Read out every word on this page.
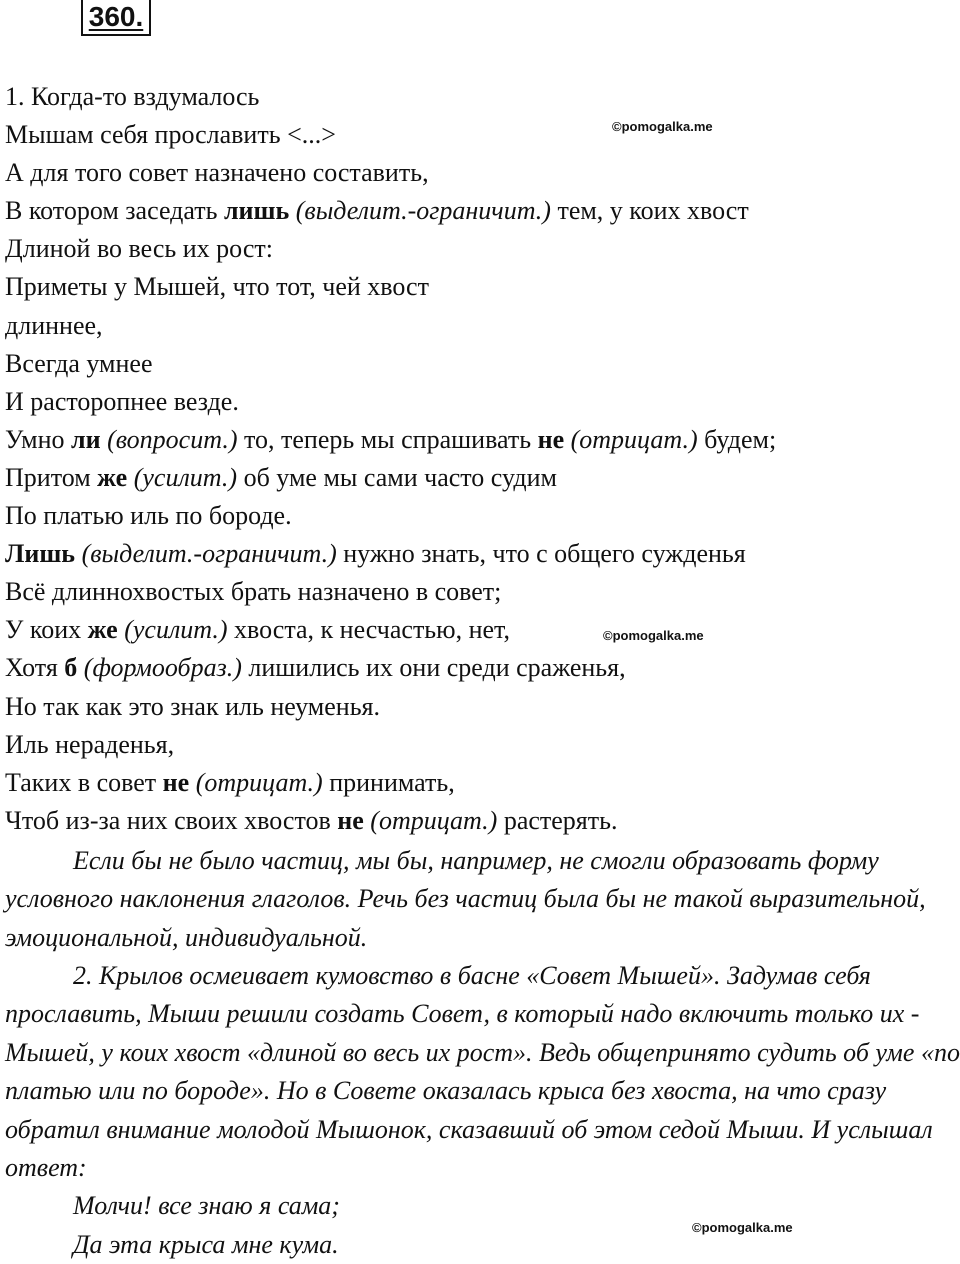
360.
1. Когда-то вздумалось
Мышам себя прославить <...>
А для того совет назначено составить,
В котором заседать лишь (выделит.-ограничит.) тем, у коих хвост
Длиной во весь их рост:
Приметы у Мышей, что тот, чей хвост
длиннее,
Всегда умнее
И расторопнее везде.
Умно ли (вопросит.) то, теперь мы спрашивать не (отрицат.) будем;
Притом же (усилит.) об уме мы сами часто судим
По платью иль по бороде.
Лишь (выделит.-ограничит.) нужно знать, что с общего сужденья
Всё длиннохвостых брать назначено в совет;
У коих же (усилит.) хвоста, к несчастью, нет,
Хотя б (формообраз.) лишились их они среди сраженья,
Но так как это знак иль неуменья.
Иль нераденья,
Таких в совет не (отрицат.) принимать,
Чтоб из-за них своих хвостов не (отрицат.) растерять.
Если бы не было частиц, мы бы, например, не смогли образовать форму условного наклонения глаголов. Речь без частиц была бы не такой выразительной, эмоциональной, индивидуальной.
2. Крылов осмеивает кумовство в басне «Совет Мышей». Задумав себя прославить, Мыши решили создать Совет, в который надо включить только их - Мышей, у коих хвост «длиной во весь их рост». Ведь общепринято судить об уме «по платью или по бороде». Но в Совете оказалась крыса без хвоста, на что сразу обратил внимание молодой Мышонок, сказавший об этом седой Мыши. И услышал ответ:
Молчи! все знаю я сама;
Да эта крыса мне кума.
©pomogalka.me
©pomogalka.me
©pomogalka.me
